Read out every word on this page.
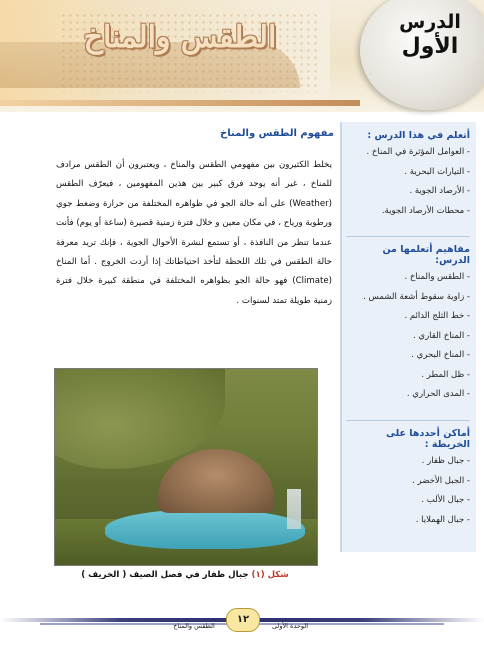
الطقس والمناخ	الدرس
الأول
أتعلم في هذا الدرس :
- العوامل المؤثرة في المناخ .
- التيارات البحرية .
- الأرصاد الجوية .
- محطات الأرصاد الجوية.
مفاهيم أتعلمها من الدرس:
- الطقس والمناخ .
- زاوية سقوط أشعة الشمس .
- خط الثلج الدائم .
- المناخ القاري .
- المناخ البحري .
- ظل المطر .
- المدى الحراري .
أماكن أحددها على الخريطة :
- جبال ظفار .
- الجبل الأخضر .
- جبال الألب .
- جبال الهملايا .
مفهوم الطقس والمناخ

يخلط الكثيرون بين مفهومي الطقس والمناخ ، ويعتبرون أن الطقس مرادف للمناخ ، غير أنه يوجد فرق كبير بين هذين المفهومين ، فيعرّف الطقس (Weather) على أنه حالة الجو في ظواهره المختلفة من حرارة وضغط جوي ورطوبة ورياح ، في مكان معين و خلال فترة زمنية قصيرة (ساعة أو يوم) فأنت عندما تنظر من النافذة ، أو تستمع لنشرة الأحوال الجوية ، فإنك تريد معرفة حالة الطقس في تلك اللحظة لتأخذ احتياطاتك إذا أردت الخروج . أما المناخ (Climate) فهو حالة الجو بظواهره المختلفة في منطقة كبيرة خلال فترة زمنية طويلة تمتد لسنوات .

شكل (١) جبال ظفار في فصل الصيف ( الخريف )
الوحدة الأولى
١٢
الطقس والمناخ
